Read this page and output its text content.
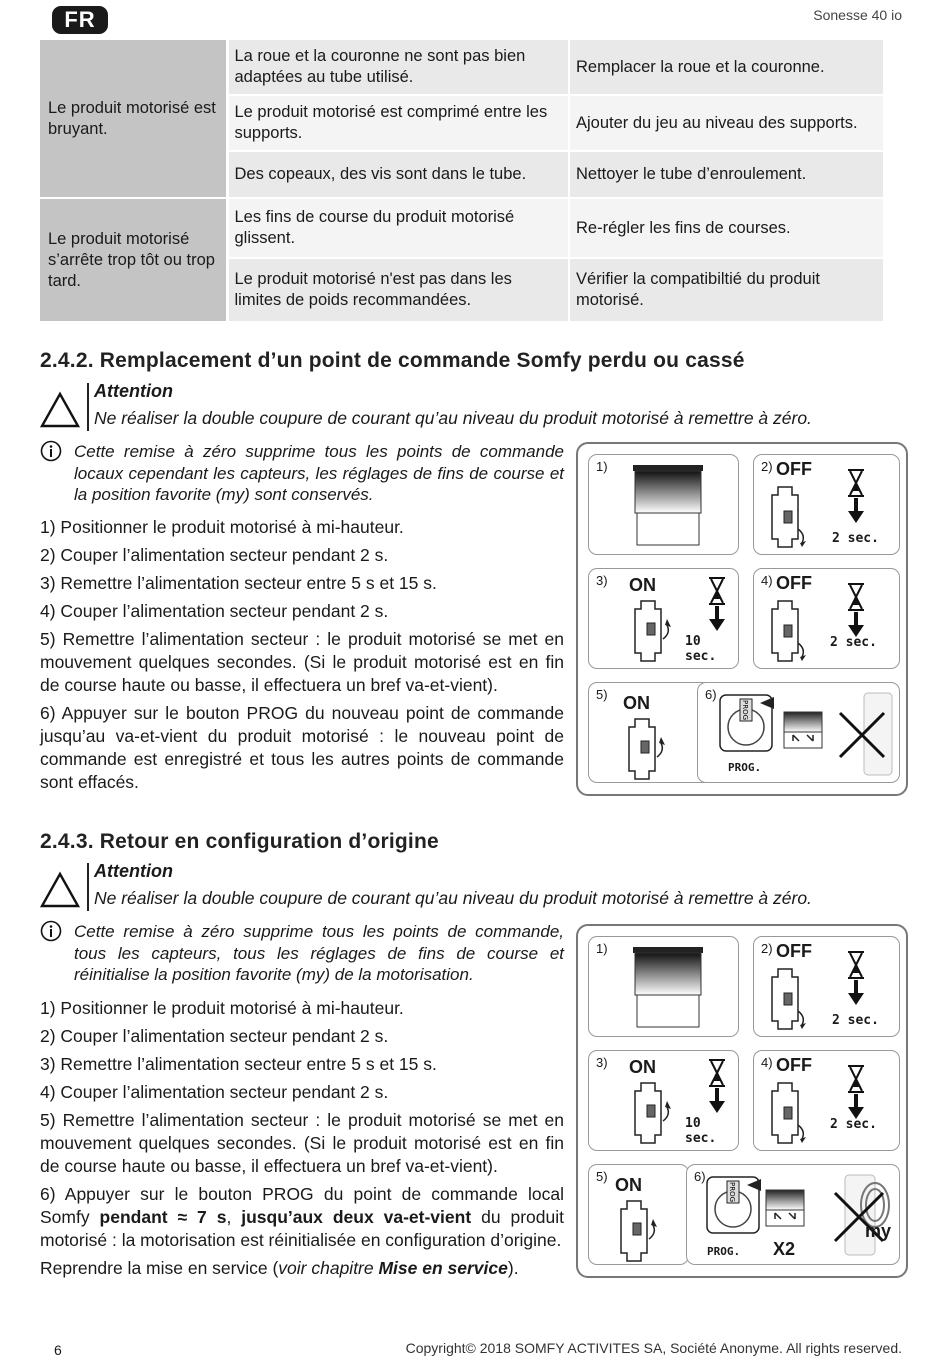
FR	Sonesse 40 io
Le produit motorisé est bruyant.	La roue et la couronne ne sont pas bien adaptées au tube utilisé.	Remplacer la roue et la couronne.
	Le produit motorisé est comprimé entre les supports.	Ajouter du jeu au niveau des supports.
	Des copeaux, des vis sont dans le tube.	Nettoyer le tube d’enroulement.
Le produit motorisé s’arrête trop tôt ou trop tard.	Les fins de course du produit motorisé glissent.	Re-régler les fins de courses.
	Le produit motorisé n'est pas dans les limites de poids recommandées.	Vérifier la compatibiltié du produit motorisé.
2.4.2. Remplacement d’un point de commande Somfy perdu ou cassé
Attention
Ne réaliser la double coupure de courant qu’au niveau du produit motorisé à remettre à zéro.
Cette remise à zéro supprime tous les points de commande locaux cependant les capteurs, les réglages de fins de course et la position favorite (my) sont conservés.

1) Positionner le produit motorisé à mi-hauteur.

2) Couper l’alimentation secteur pendant 2 s.

3) Remettre l’alimentation secteur entre 5 s et 15 s.

4) Couper l’alimentation secteur pendant 2 s.

5) Remettre l’alimentation secteur : le produit motorisé se met en mouvement quelques secondes. (Si le produit motorisé est en fin de course haute ou basse, il effectuera un bref va-et-vient).

6) Appuyer sur le bouton PROG du nouveau point de commande jusqu’au va-et-vient du produit motorisé : le nouveau point de commande est enregistré et tous les autres points de commande sont effacés.

1)	2) OFF
2 sec.
3) ON
10 sec.
4) OFF
2 sec.
5) ON	6)
PROG
PROG.
2.4.3. Retour en configuration d’origine
Attention
Ne réaliser la double coupure de courant qu’au niveau du produit motorisé à remettre à zéro.
Cette remise à zéro supprime tous les points de commande, tous les capteurs, tous les réglages de fins de course et réinitialise la position favorite (my) de la motorisation.

1) Positionner le produit motorisé à mi-hauteur.

2) Couper l’alimentation secteur pendant 2 s.

3) Remettre l’alimentation secteur entre 5 s et 15 s.

4) Couper l’alimentation secteur pendant 2 s.

5) Remettre l’alimentation secteur : le produit motorisé se met en mouvement quelques secondes. (Si le produit motorisé est en fin de course haute ou basse, il effectuera un bref va-et-vient).

6) Appuyer sur le bouton PROG du point de commande local Somfy pendant ≈ 7 s, jusqu’aux deux va-et-vient du produit motorisé : la motorisation est réinitialisée en configuration d’origine.

Reprendre la mise en service (voir chapitre Mise en service).

1)	2) OFF
2 sec.
3) ON
10 sec.
4) OFF
2 sec.
5) ON	6)
PROG
PROG. X2
my
6	Copyright© 2018 SOMFY ACTIVITES SA, Société Anonyme. All rights reserved.
